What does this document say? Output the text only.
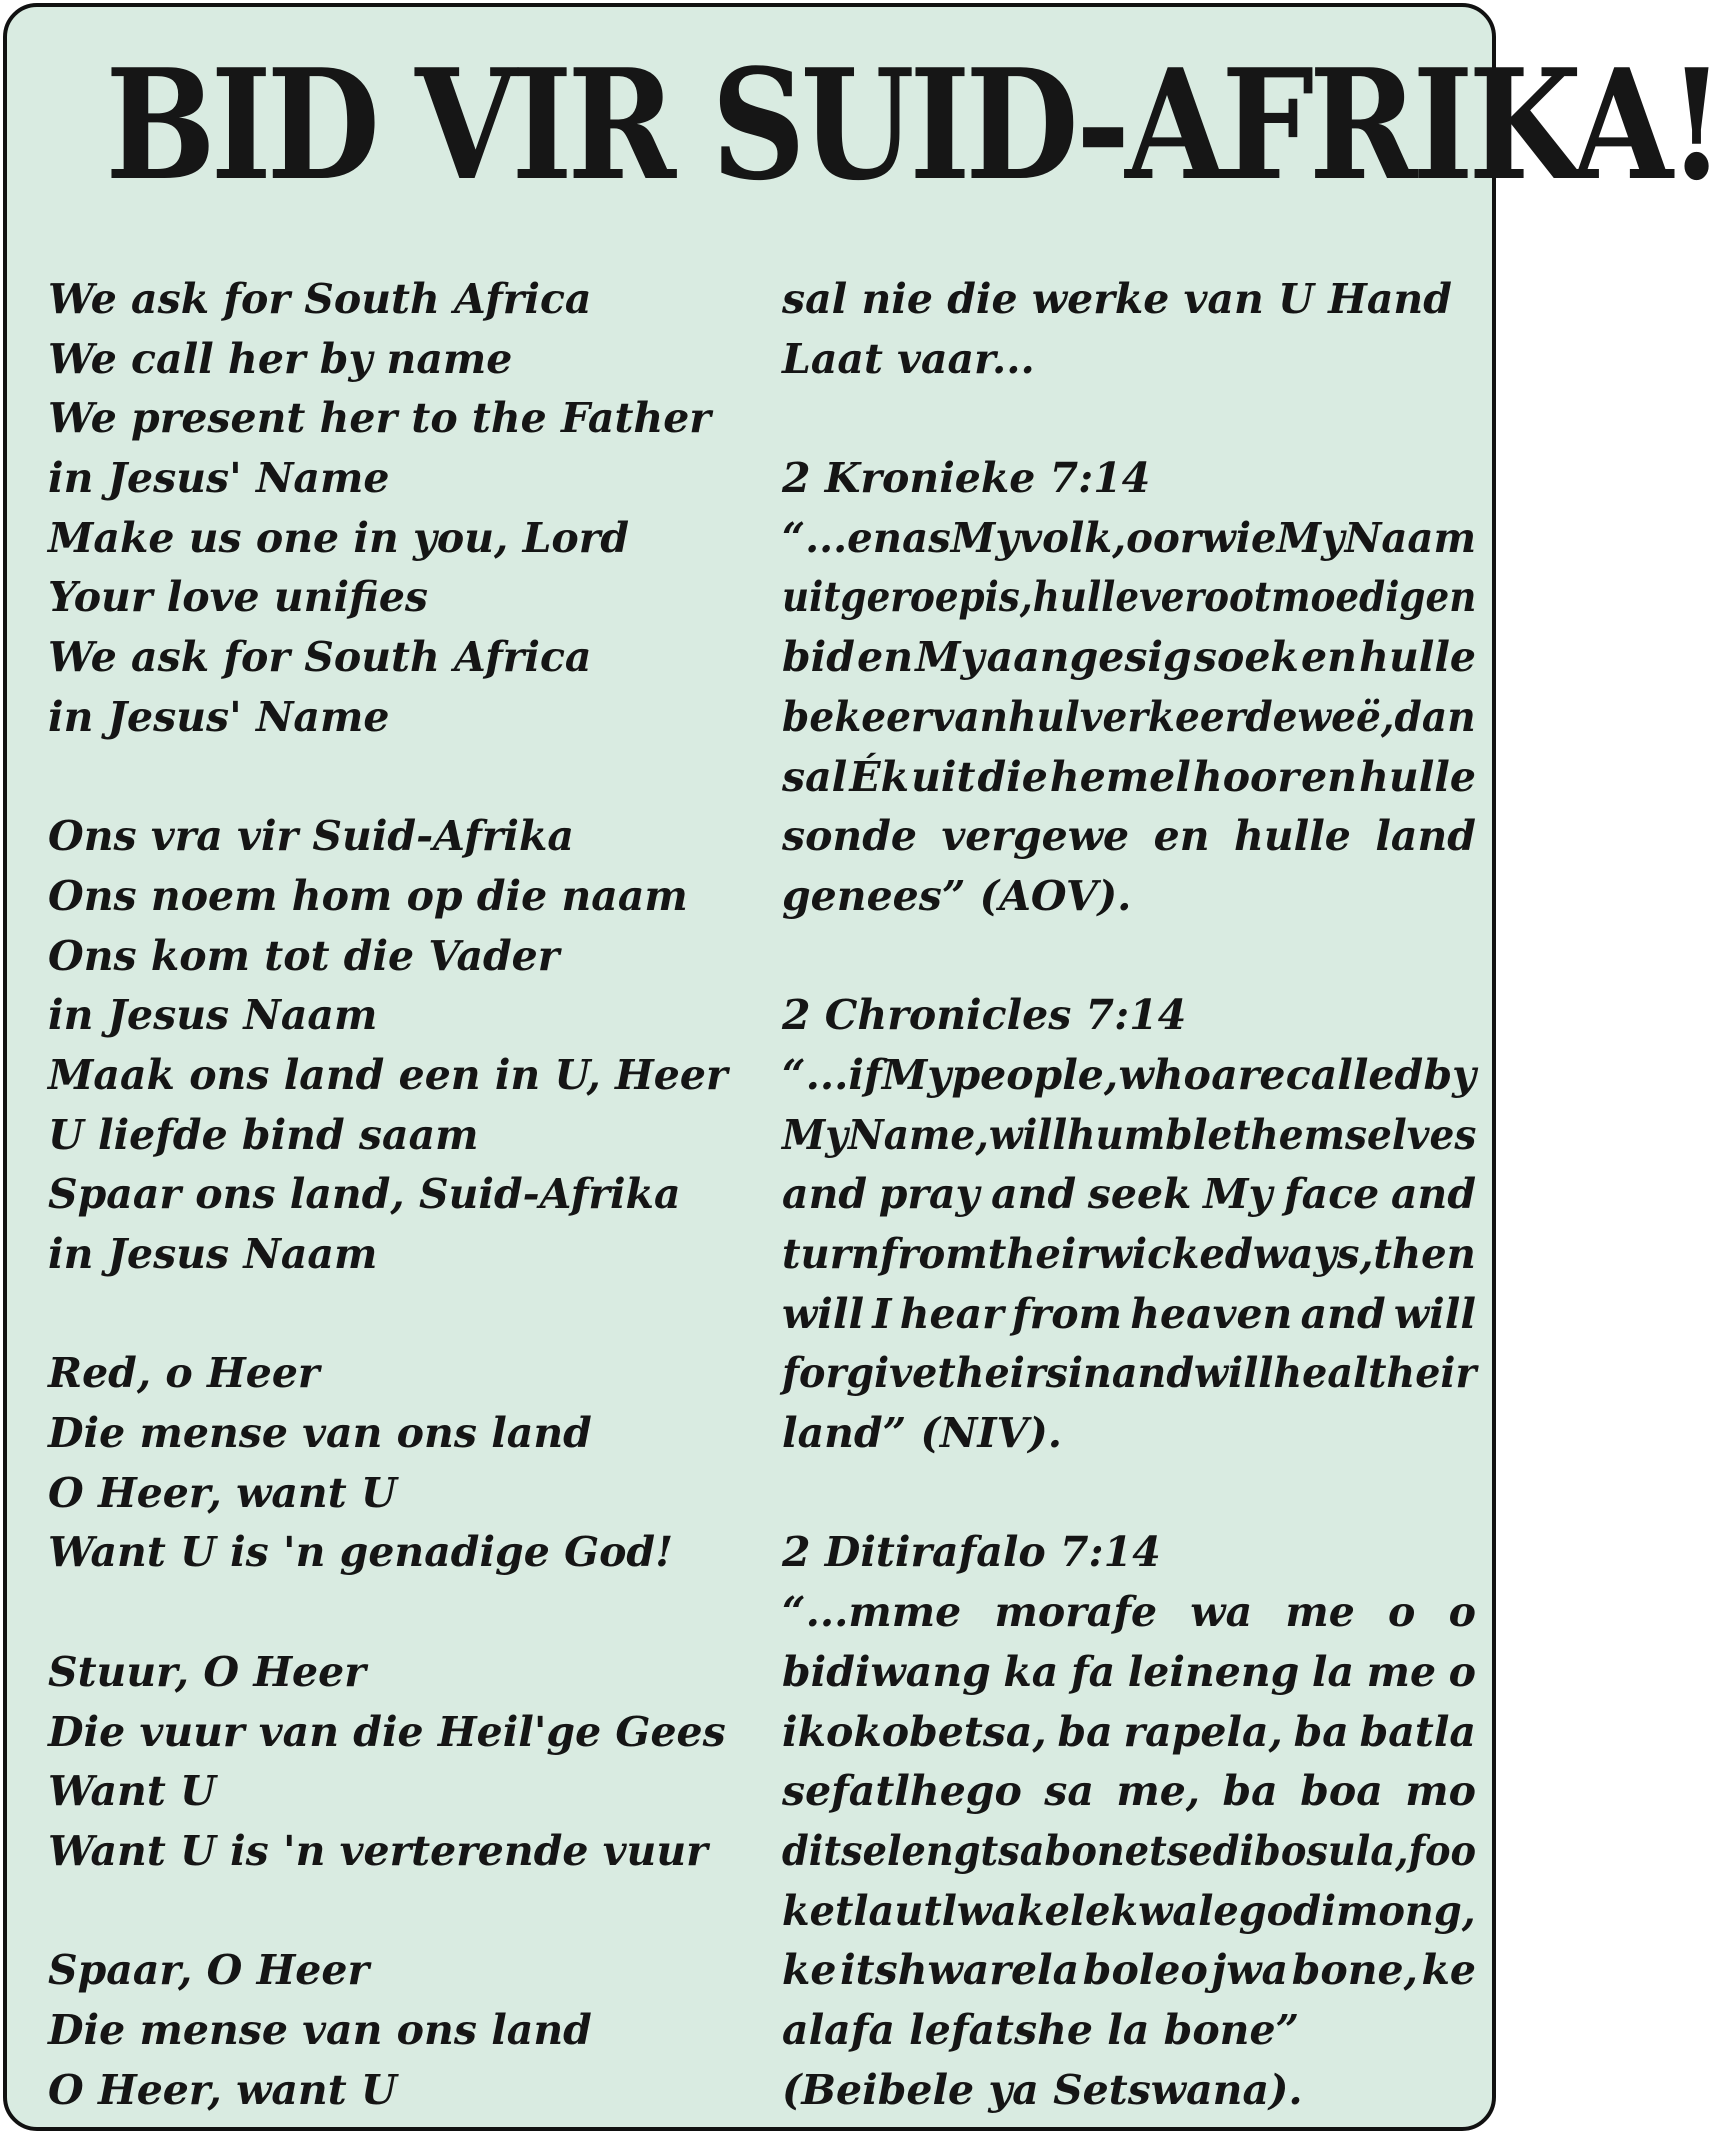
BID VIR SUID-AFRIKA!
We ask for South Africa
We call her by name
We present her to the Father
in Jesus' Name
Make us one in you, Lord
Your love unifies
We ask for South Africa
in Jesus' Name
Ons vra vir Suid-Afrika
Ons noem hom op die naam
Ons kom tot die Vader
in Jesus Naam
Maak ons land een in U, Heer
U liefde bind saam
Spaar ons land, Suid-Afrika
in Jesus Naam
Red, o Heer
Die mense van ons land
O Heer, want U
Want U is 'n genadige God!
Stuur, O Heer
Die vuur van die Heil'ge Gees
Want U
Want U is 'n verterende vuur
Spaar, O Heer
Die mense van ons land
O Heer, want U
sal nie die werke van U Hand
Laat vaar...
2 Kronieke 7:14
“...en as My volk, oor wie My Naam
uitgeroep is, hulle verootmoedig en
bid en My aangesig soek en hulle
bekeer van hul verkeerde weë, dan
sal Ék uit die hemel hoor en hulle
sonde vergewe en hulle land
genees” (AOV).
2 Chronicles 7:14
“...if My people, who are called by
My Name, will humble themselves
and pray and seek My face and
turn from their wicked ways, then
will I hear from heaven and will
forgive their sin and will heal their
land” (NIV).
2 Ditirafalo 7:14
“...mme morafe wa me o o
bidiwang ka fa leineng la me o
ikokobetsa, ba rapela, ba batla
sefatlhego sa me, ba boa mo
ditseleng tsa bone tse di bosula, foo
ke tla utlwa ke le kwa legodimong,
ke itshwarela boleo jwa bone, ke
alafa lefatshe la bone”
(Beibele ya Setswana).
